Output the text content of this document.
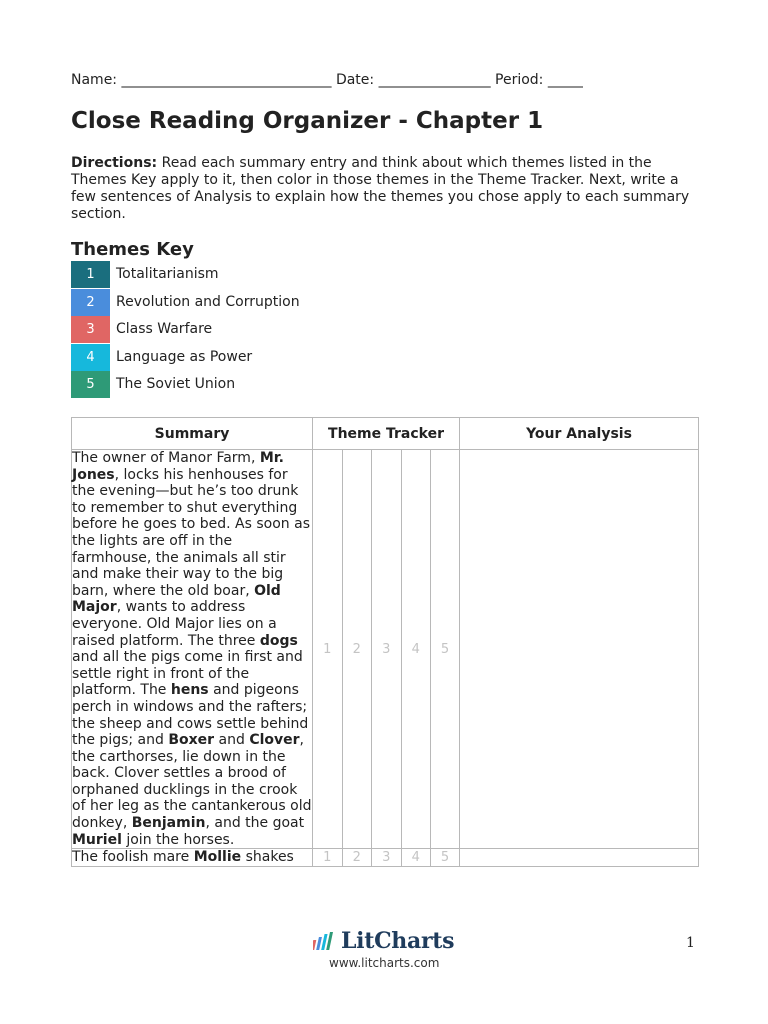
Name: ______________________________ Date: ________________ Period: _____
Close Reading Organizer - Chapter 1
Directions: Read each summary entry and think about which themes listed in the Themes Key apply to it, then color in those themes in the Theme Tracker. Next, write a few sentences of Analysis to explain how the themes you chose apply to each summary section.
Themes Key
1	Totalitarianism
2	Revolution and Corruption
3	Class Warfare
4	Language as Power
5	The Soviet Union
Summary	Theme Tracker					Your Analysis
The owner of Manor Farm, Mr. Jones, locks his henhouses for the evening—but he’s too drunk to remember to shut everything before he goes to bed. As soon as the lights are off in the farmhouse, the animals all stir and make their way to the big barn, where the old boar, Old Major, wants to address everyone. Old Major lies on a raised platform. The three dogs and all the pigs come in first and settle right in front of the platform. The hens and pigeons perch in windows and the rafters; the sheep and cows settle behind the pigs; and Boxer and Clover, the carthorses, lie down in the back. Clover settles a brood of orphaned ducklings in the crook of her leg as the cantankerous old donkey, Benjamin, and the goat Muriel join the horses.	1	2	3	4	5	
The foolish mare Mollie shakes	1	2	3	4	5	
LitCharts
www.litcharts.com
1
